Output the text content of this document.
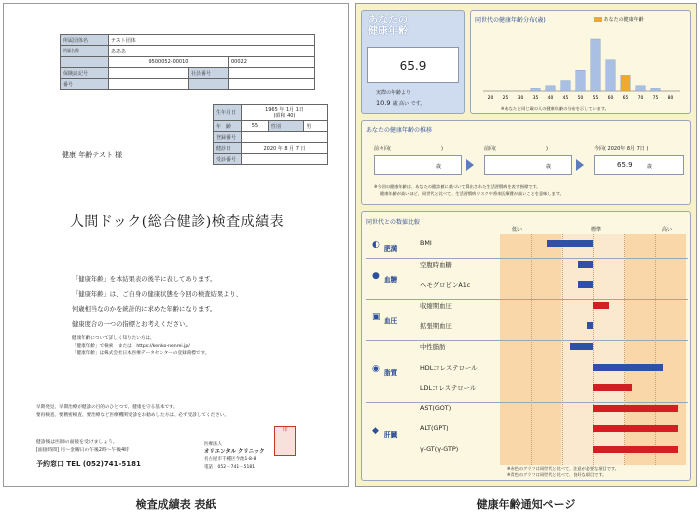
所属団体名	テスト団体		
所属名称	あああ		
	9500052-00010		00022
保険証記号		社員番号	
番号			
生年月日	1965 年 1月 1日
(昭和 40)		
年　齢	55	性別	男
登録番号			
健診日	2020 年 8 月 7 日		
受診番号			
健康 年齢テスト 様
人間ドック(総合健診)検査成績表
「健康年齢」を本結果表の後半に表してあります。
「健康年齢」は、ご自身の健康状態を今回の検査結果より、
何歳相当なのかを統計的に求めた年齢になります。
健康度合の一つの指標とお考えください。
健康年齢について詳しく知りたい方は、
「健康年齢」で検索　または　https://kenko-nenrei.jp/
「健康年齢」は株式会社日本医療データセンターの登録商標です。
早期発見、早期治療が健診の目的のひとつで、健康を守る基本です。
要再検査、要精密検査、要治療など医療機関受診をお勧めした方は、必ず受診してください。
健診後は医師の面接を受けましょう。
[面接時間] 月〜金曜日の午後2時〜午後4時
予約窓口 TEL (052)741-5181
医療法人
オリエンタル クリニック
名古屋市千種区今池1-8-8
電話　052－741－5181
印
検査成績表 表紙
あなたの
健康年齢
65.9
実際の年齢より
10.9 歳 高い です。
同世代の健康年齢分布(歳)	あなたの健康年齢
20 25 30 35 40 45 50 55 60 65 70 75 80
※あなたと同じ歳の人の健康年齢の分布を示しています。
あなたの健康年齢の推移
前々回(	)
歳
前回(	)
歳
今回( 2020年 8月 7日 )
65.9	歳
※今回の健康年齢は、あなたの健診値に基づいて算出された生活習慣病を表す指標です。
健康年齢が高いほど、同世代と比べて、生活習慣病リスクや将来医療費が高いことを意味します。
同世代との数値比較
低い	標準	高い
BMI
◐ 肥満
空腹時血糖
ヘモグロビンA1c
● 血糖
収縮期血圧
拡張期血圧
▣ 血圧
中性脂肪
HDLコレステロール
LDLコレステロール
◉ 脂質
AST(GOT)
ALT(GPT)
γ-GT(γ-GTP)
◆ 肝臓
※赤色のグラフは同世代と比べて、注意が必要な項目です。
※青色のグラフは同世代と比べて、良好な項目です。
健康年齢通知ページ
